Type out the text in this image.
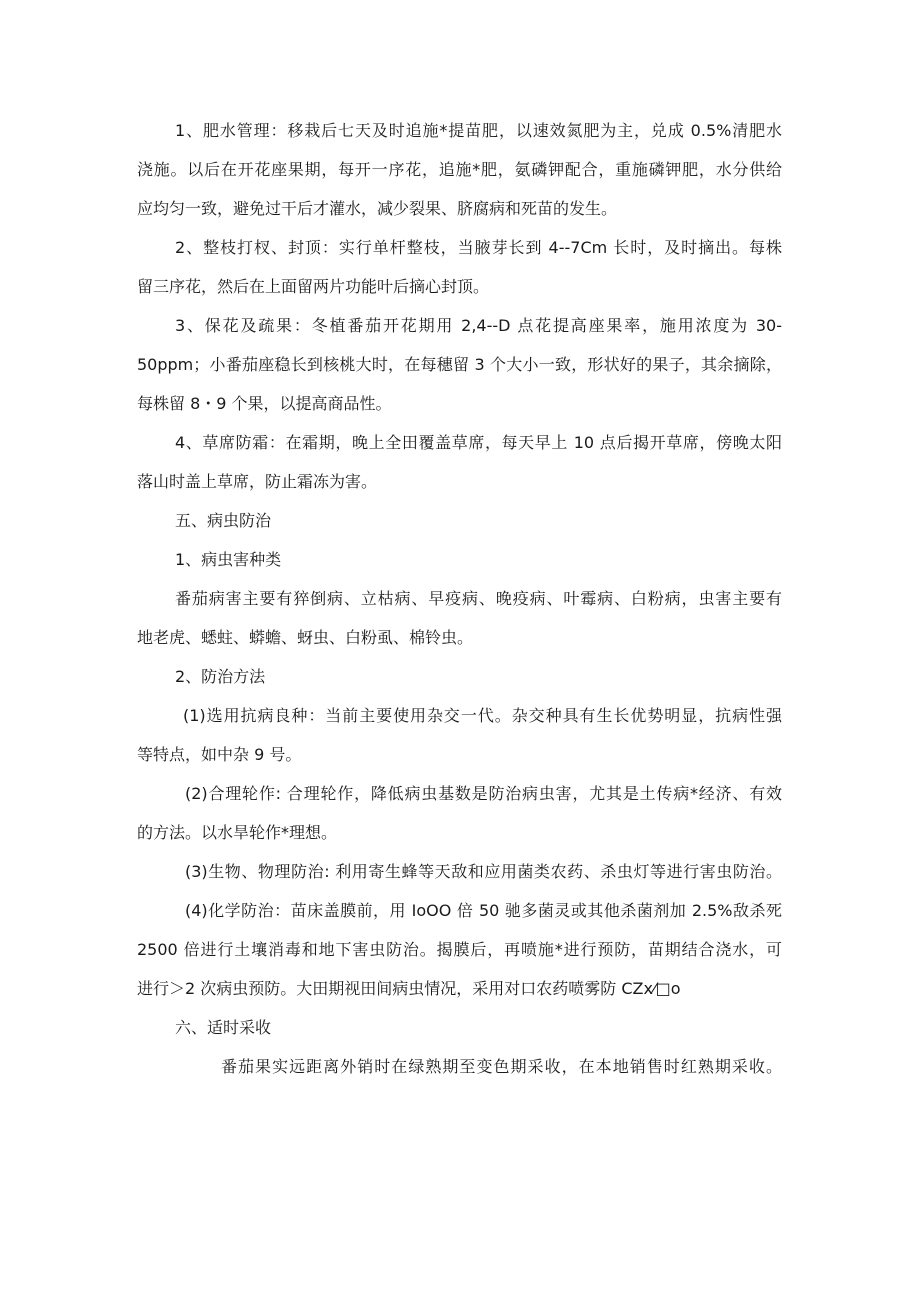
1、肥水管理：移栽后七天及时追施*提苗肥，以速效氮肥为主，兑成 0.5%清肥水

浇施。以后在开花座果期，每开一序花，追施*肥，氨磷钾配合，重施磷钾肥，水分供给

应均匀一致，避免过干后才灌水，减少裂果、脐腐病和死苗的发生。

2、整枝打杈、封顶：实行单杆整枝，当腋芽长到 4--7Cm 长时，及时摘出。每株

留三序花，然后在上面留两片功能叶后摘心封顶。

3、保花及疏果：冬植番茄开花期用 2,4--D 点花提高座果率，施用浓度为 30-

50ppm；小番茄座稳长到核桃大时，在每穗留 3 个大小一致，形状好的果子，其余摘除，

每株留 8・9 个果，以提高商品性。

4、草席防霜：在霜期，晚上全田覆盖草席，每天早上 10 点后揭开草席，傍晚太阳

落山时盖上草席，防止霜冻为害。

五、病虫防治

1、病虫害种类

番茄病害主要有猝倒病、立枯病、早疫病、晚疫病、叶霉病、白粉病，虫害主要有

地老虎、蟋蛀、蟒蟾、蚜虫、白粉虱、棉铃虫。

2、防治方法

(1)选用抗病良种：当前主要使用杂交一代。杂交种具有生长优势明显，抗病性强

等特点，如中杂 9 号。

(2)合理轮作: 合理轮作，降低病虫基数是防治病虫害，尤其是土传病*经济、有效

的方法。以水旱轮作*理想。

(3)生物、物理防治: 利用寄生蜂等天敌和应用菌类农药、杀虫灯等进行害虫防治。

(4)化学防治：苗床盖膜前，用 IoOO 倍 50 驰多菌灵或其他杀菌剂加 2.5%敌杀死

2500 倍进行土壤消毒和地下害虫防治。揭膜后，再喷施*进行预防，苗期结合浇水，可

进行＞2 次病虫预防。大田期视田间病虫情况，采用对口农药喷雾防 CZx⁄□o

六、适时采收

番茄果实远距离外销时在绿熟期至变色期采收，在本地销售时红熟期采收。
